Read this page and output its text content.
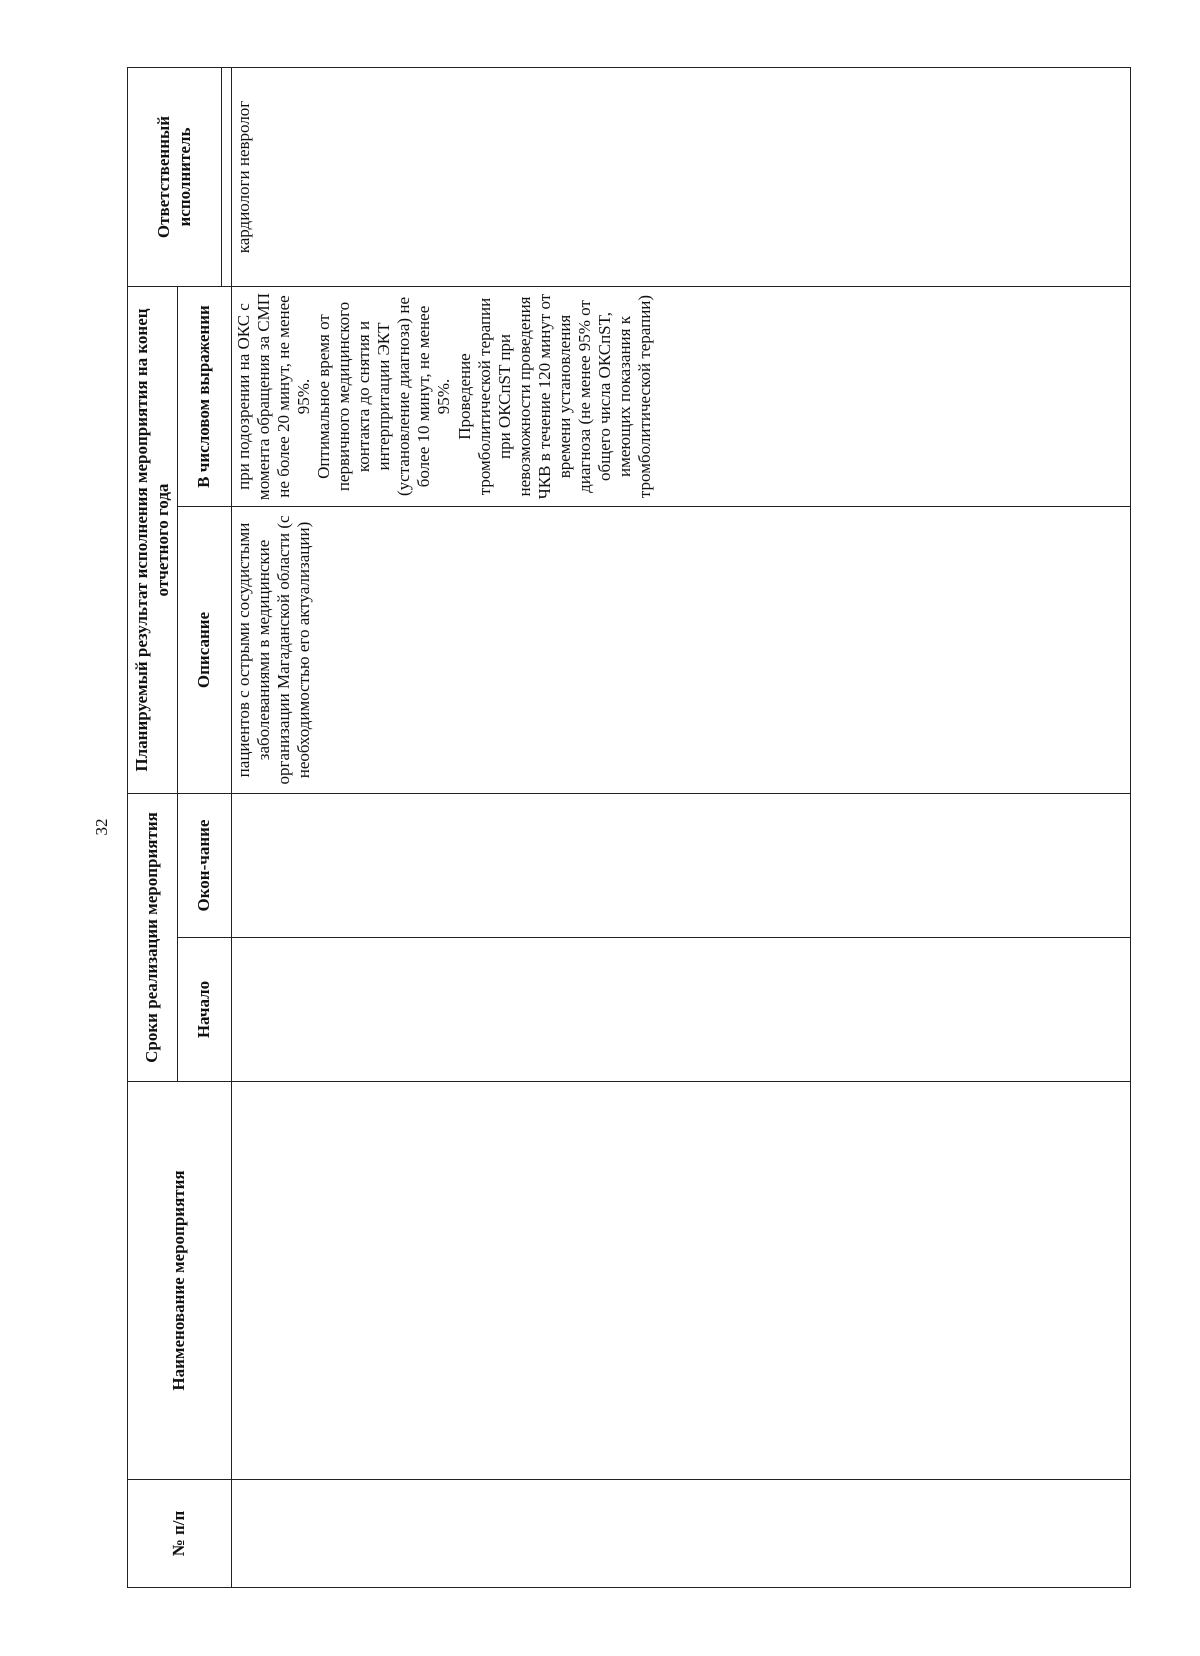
32
№ п/п	Наименование мероприятия	Сроки реализации мероприятия		Планируемый результат исполнения мероприятия на конец отчетного года		Ответственный исполнитель
		Начало	Окон-чание	Описание	В числовом выражении	

				пациентов с острыми сосудистыми заболеваниями в медицинские организации Магаданской области (с необходимостью его актуализации)	при подозрении на ОКС с момента обращения за СМП не более 20 минут, не менее 95%. Оптимальное время от первичного медицинского контакта до снятия и интерпритации ЭКТ (установление диагноза) не более 10 минут, не менее 95%. Проведение тромболитической терапии при ОКСпST при невозможности проведения ЧКВ в течение 120 минут от времени установления диагноза (не менее 95% от общего числа ОКСпST, имеющих показания к тромболитической терапии)	кардиологи невролог
